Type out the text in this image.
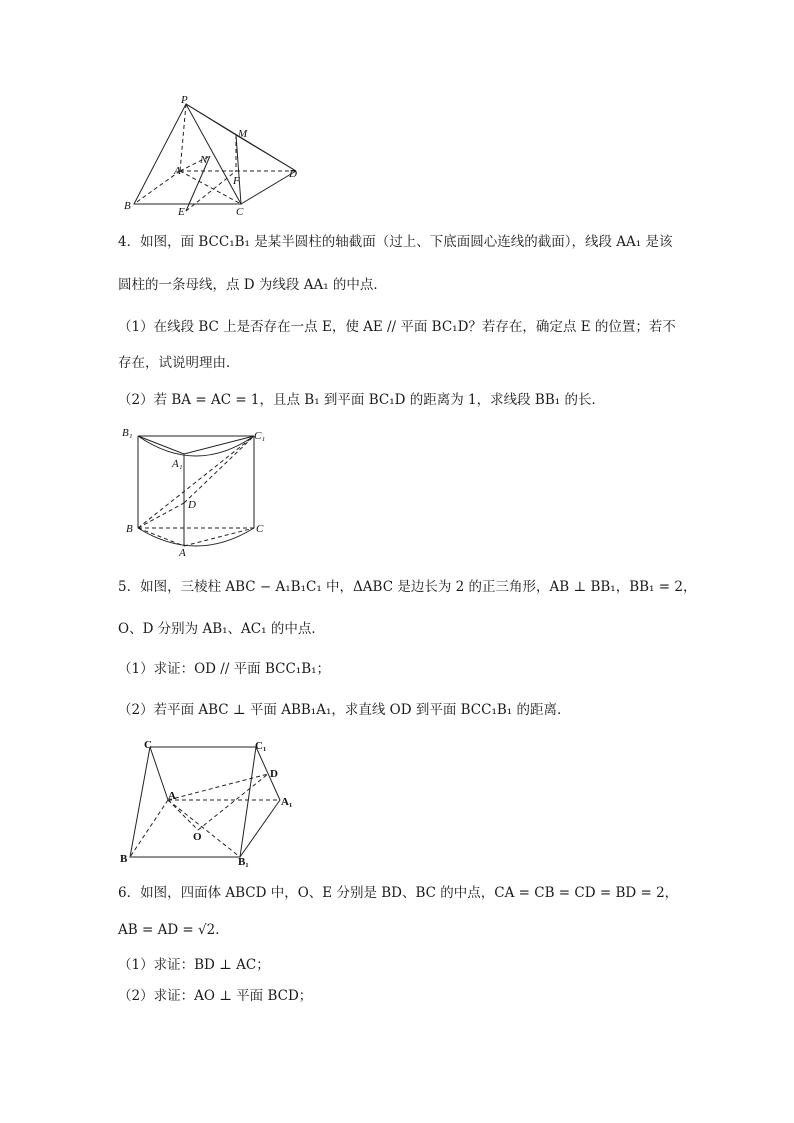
P
M
A
N
F
D
B	E	C
4．如图，面 BCC₁B₁ 是某半圆柱的轴截面（过上、下底面圆心连线的截面），线段 AA₁ 是该
圆柱的一条母线，点 D 为线段 AA₁ 的中点．
（1）在线段 BC 上是否存在一点 E，使 AE // 平面 BC₁D？若存在，确定点 E 的位置；若不
存在，试说明理由．
（2）若 BA = AC = 1，且点 B₁ 到平面 BC₁D 的距离为 1，求线段 BB₁ 的长．
B₁	C₁
A₁
D
B	C
A
5．如图，三棱柱 ABC − A₁B₁C₁ 中，ΔABC 是边长为 2 的正三角形，AB ⊥ BB₁，BB₁ = 2，
O、D 分别为 AB₁、AC₁ 的中点．
（1）求证：OD // 平面 BCC₁B₁；
（2）若平面 ABC ⊥ 平面 ABB₁A₁，求直线 OD 到平面 BCC₁B₁ 的距离．
C	C₁
D
A	A₁
O
B	B₁
6．如图，四面体 ABCD 中，O、E 分别是 BD、BC 的中点，CA = CB = CD = BD = 2，
AB = AD = √2．
（1）求证：BD ⊥ AC；
（2）求证：AO ⊥ 平面 BCD；
